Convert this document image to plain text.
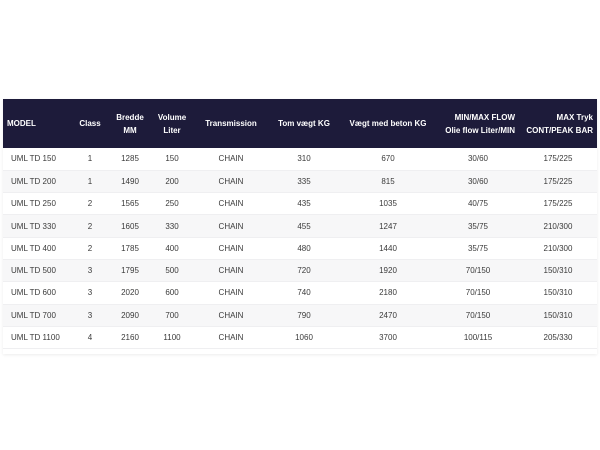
MODEL	Class	Bredde MM	Volume Liter	Transmission	Tom vægt KG	Vægt med beton KG	MIN/MAX FLOW Olie flow Liter/MIN	MAX Tryk CONT/PEAK BAR
UML TD 150	1	1285	150	CHAIN	310	670	30/60	175/225
UML TD 200	1	1490	200	CHAIN	335	815	30/60	175/225
UML TD 250	2	1565	250	CHAIN	435	1035	40/75	175/225
UML TD 330	2	1605	330	CHAIN	455	1247	35/75	210/300
UML TD 400	2	1785	400	CHAIN	480	1440	35/75	210/300
UML TD 500	3	1795	500	CHAIN	720	1920	70/150	150/310
UML TD 600	3	2020	600	CHAIN	740	2180	70/150	150/310
UML TD 700	3	2090	700	CHAIN	790	2470	70/150	150/310
UML TD 1100	4	2160	1100	CHAIN	1060	3700	100/115	205/330
